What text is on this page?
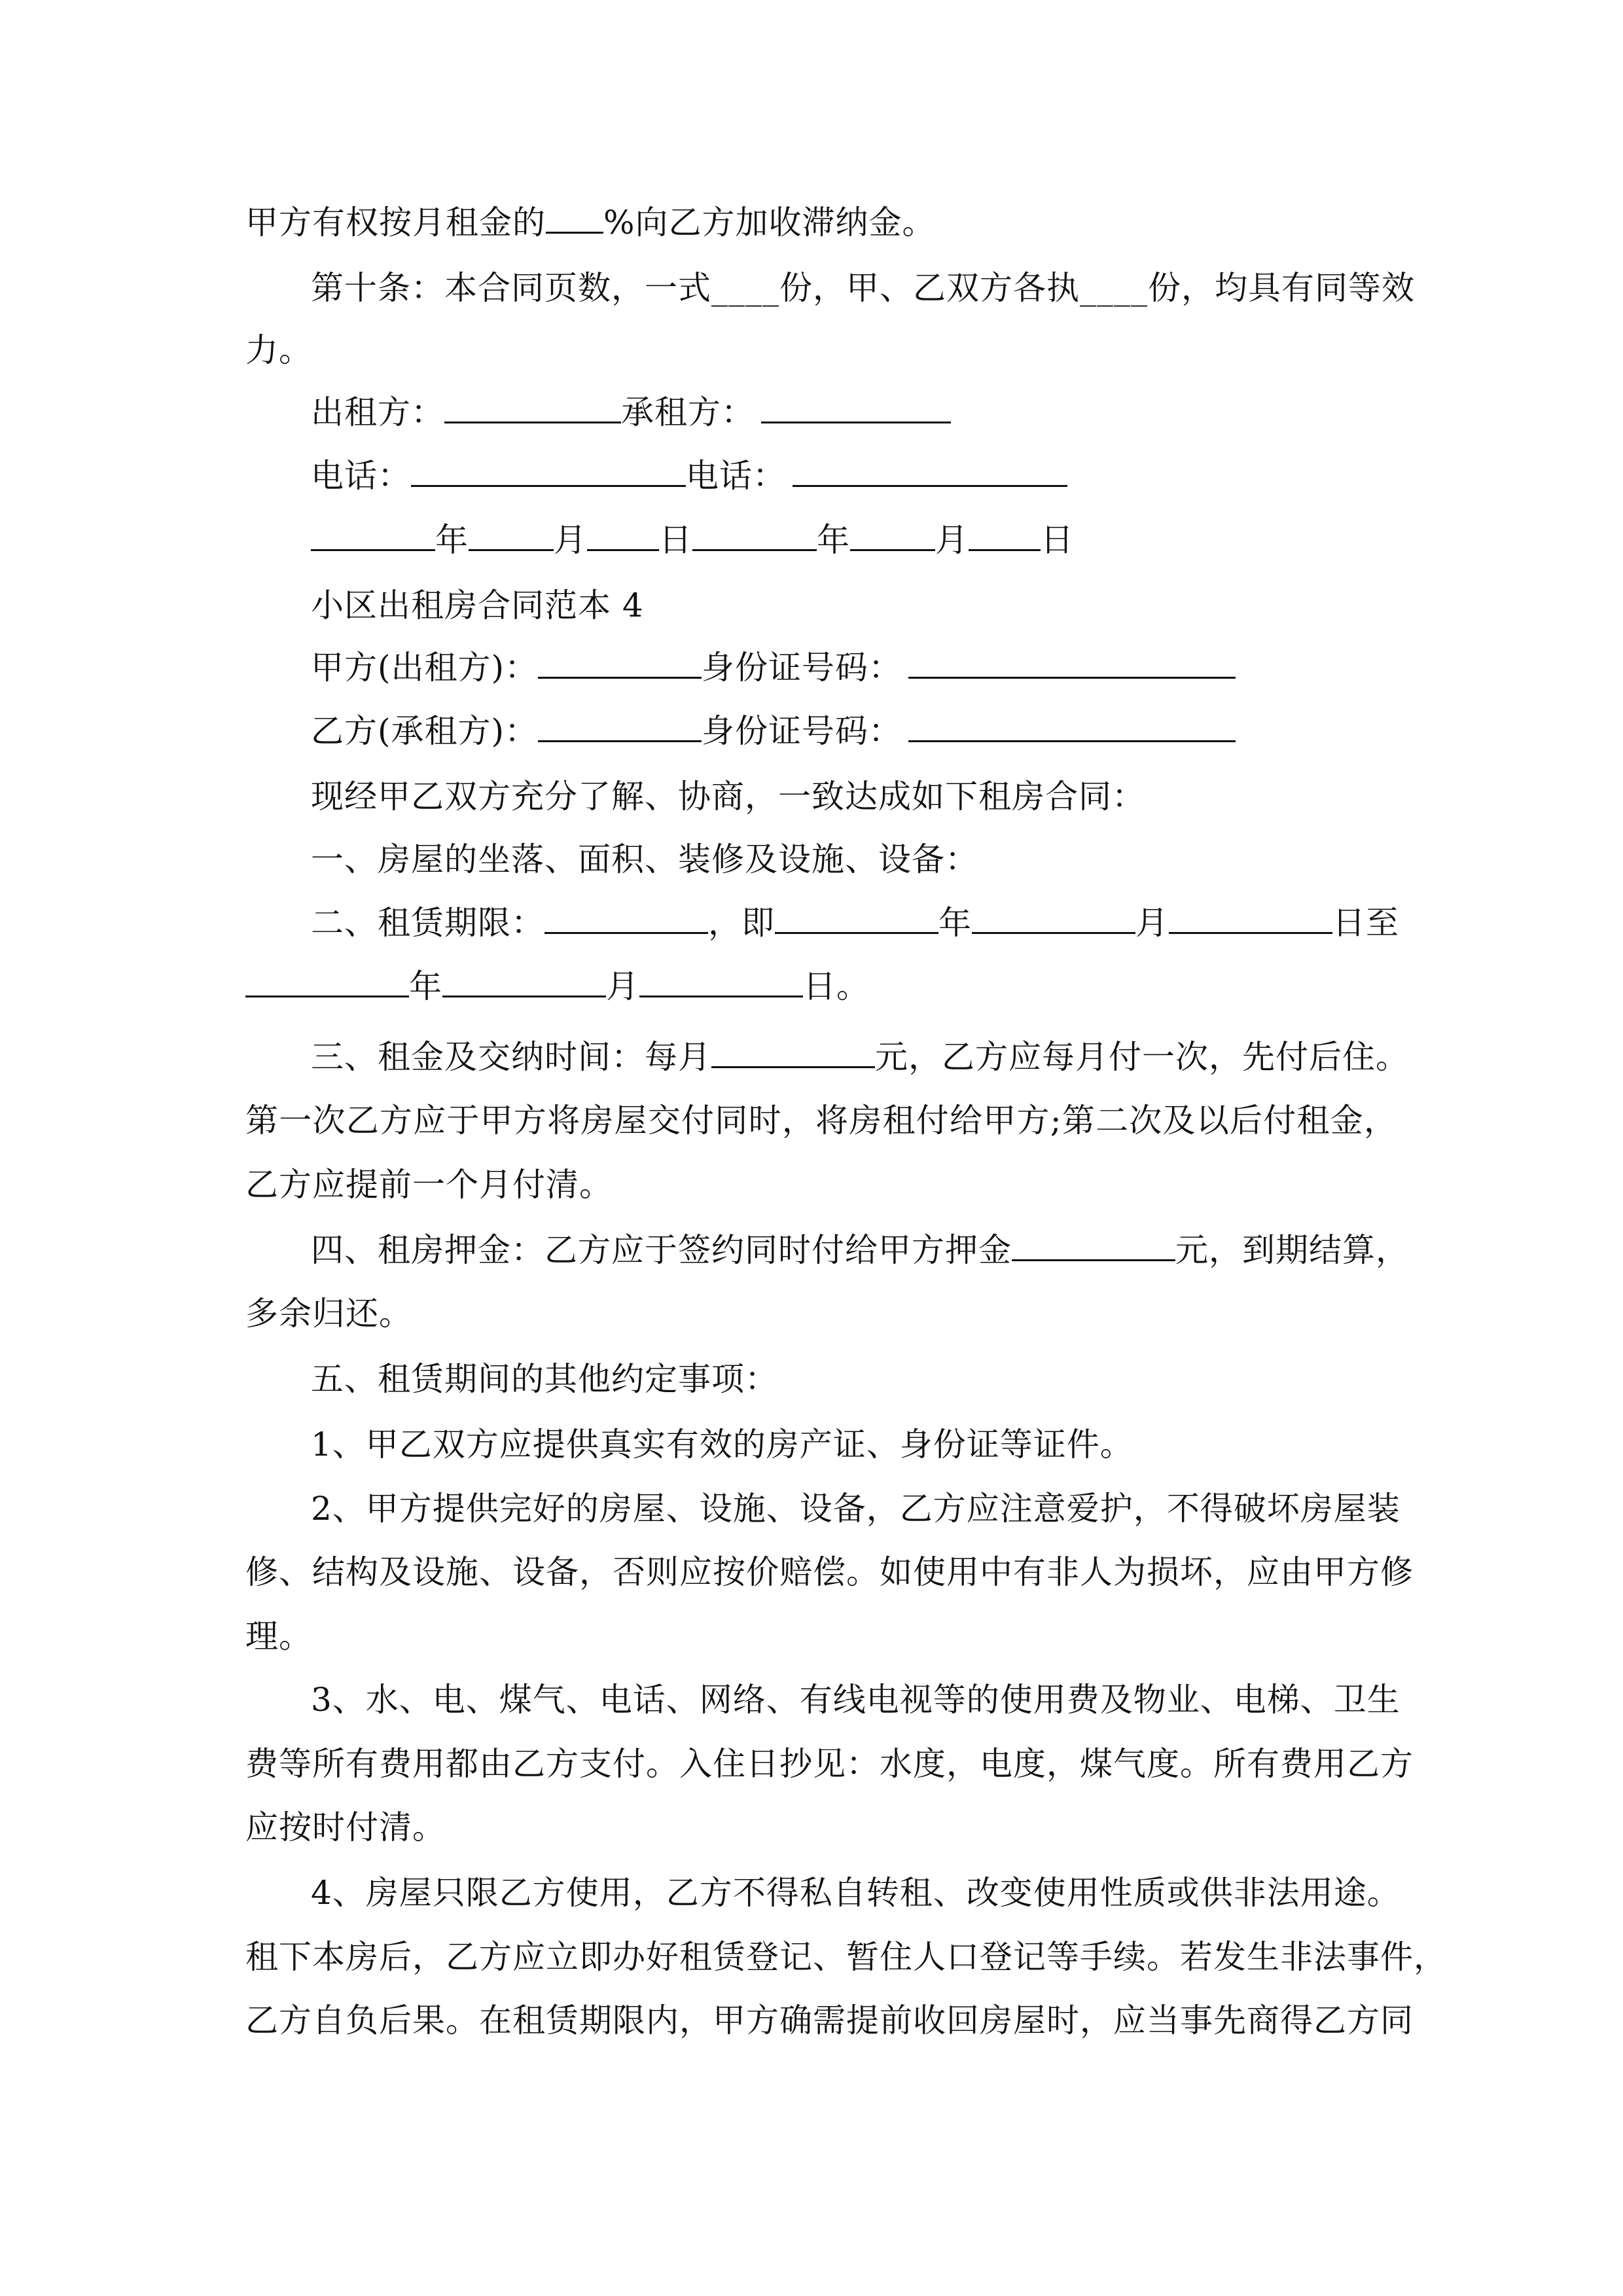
甲方有权按月租金的 %向乙方加收滞纳金。
第十条：本合同页数，一式____份，甲、乙双方各执____份，均具有同等效
力。
出租方：	承租方：
电话：	电话：
年	月 日	年	月 日
小区出租房合同范本 4
甲方(出租方)：	身份证号码：
乙方(承租方)：	身份证号码：
现经甲乙双方充分了解、协商，一致达成如下租房合同：
一、房屋的坐落、面积、装修及设施、设备：
二、租赁期限：	，即	年	月	日至
年	月	日。
三、租金及交纳时间：每月	元，乙方应每月付一次，先付后住。
第一次乙方应于甲方将房屋交付同时，将房租付给甲方;第二次及以后付租金，
乙方应提前一个月付清。
四、租房押金：乙方应于签约同时付给甲方押金	元，到期结算，
多余归还。
五、租赁期间的其他约定事项：
1、甲乙双方应提供真实有效的房产证、身份证等证件。
2、甲方提供完好的房屋、设施、设备，乙方应注意爱护，不得破坏房屋装
修、结构及设施、设备，否则应按价赔偿。如使用中有非人为损坏，应由甲方修
理。
3、水、电、煤气、电话、网络、有线电视等的使用费及物业、电梯、卫生
费等所有费用都由乙方支付。入住日抄见：水度，电度，煤气度。所有费用乙方
应按时付清。
4、房屋只限乙方使用，乙方不得私自转租、改变使用性质或供非法用途。
租下本房后，乙方应立即办好租赁登记、暂住人口登记等手续。若发生非法事件，
乙方自负后果。在租赁期限内，甲方确需提前收回房屋时，应当事先商得乙方同
